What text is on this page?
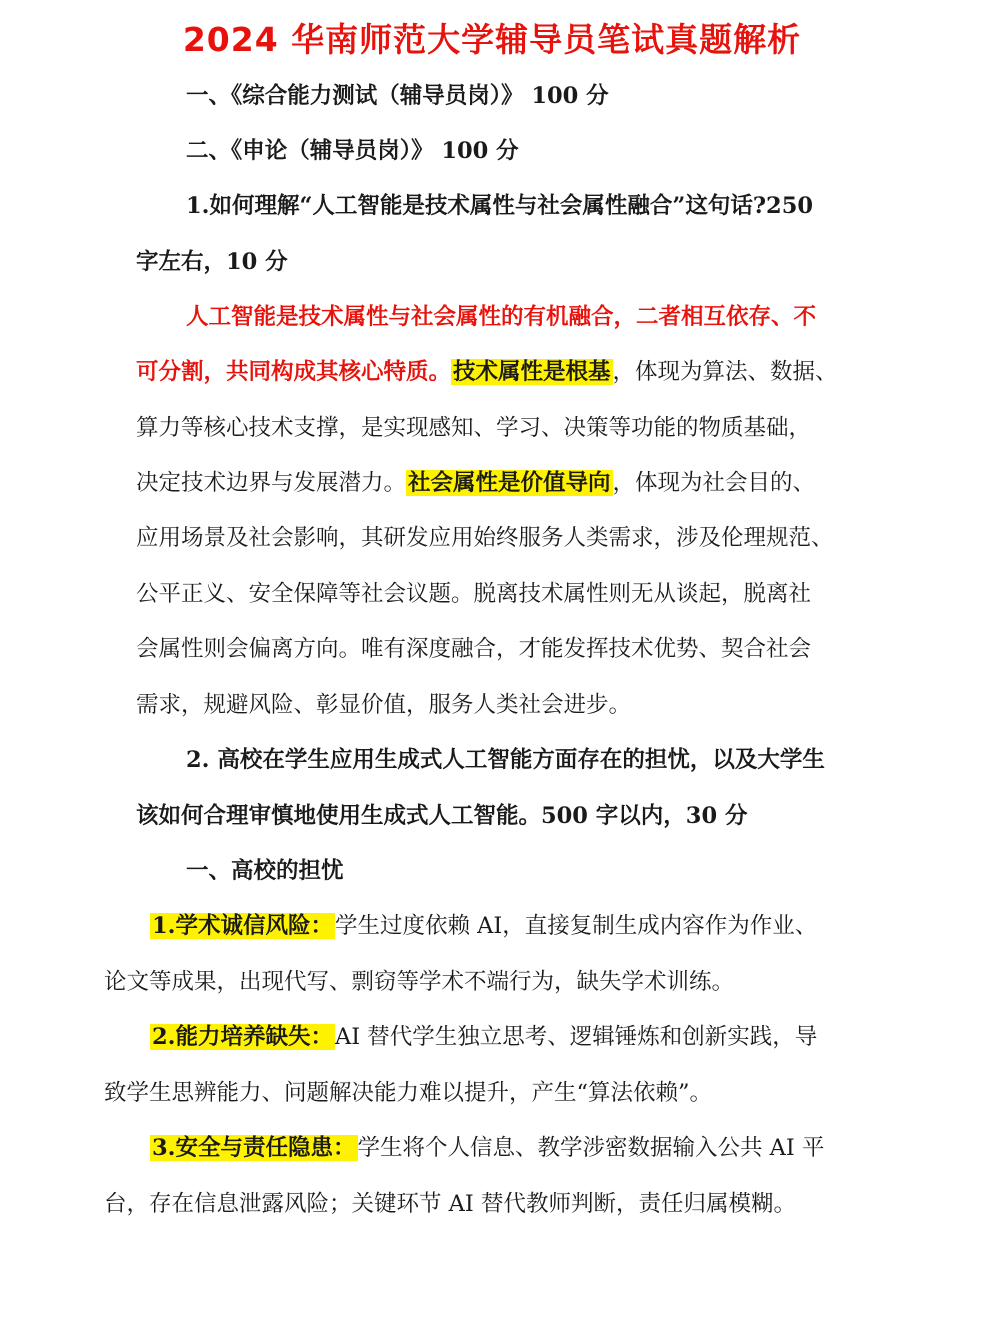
2024 华南师范大学辅导员笔试真题解析
一、《综合能力测试（辅导员岗）》 100 分
二、《申论（辅导员岗）》 100 分
1.如何理解“人工智能是技术属性与社会属性融合”这句话?250
字左右，10 分
人工智能是技术属性与社会属性的有机融合，二者相互依存、不
可分割，共同构成其核心特质。技术属性是根基，体现为算法、数据、
算力等核心技术支撑，是实现感知、学习、决策等功能的物质基础，
决定技术边界与发展潜力。社会属性是价值导向，体现为社会目的、
应用场景及社会影响，其研发应用始终服务人类需求，涉及伦理规范、
公平正义、安全保障等社会议题。脱离技术属性则无从谈起，脱离社
会属性则会偏离方向。唯有深度融合，才能发挥技术优势、契合社会
需求，规避风险、彰显价值，服务人类社会进步。
2. 高校在学生应用生成式人工智能方面存在的担忧，以及大学生
该如何合理审慎地使用生成式人工智能。500 字以内，30 分
一、高校的担忧
1.学术诚信风险：学生过度依赖 AI，直接复制生成内容作为作业、
论文等成果，出现代写、剽窃等学术不端行为，缺失学术训练。
2.能力培养缺失：AI 替代学生独立思考、逻辑锤炼和创新实践，导
致学生思辨能力、问题解决能力难以提升，产生“算法依赖”。
3.安全与责任隐患：学生将个人信息、教学涉密数据输入公共 AI 平
台，存在信息泄露风险；关键环节 AI 替代教师判断，责任归属模糊。
